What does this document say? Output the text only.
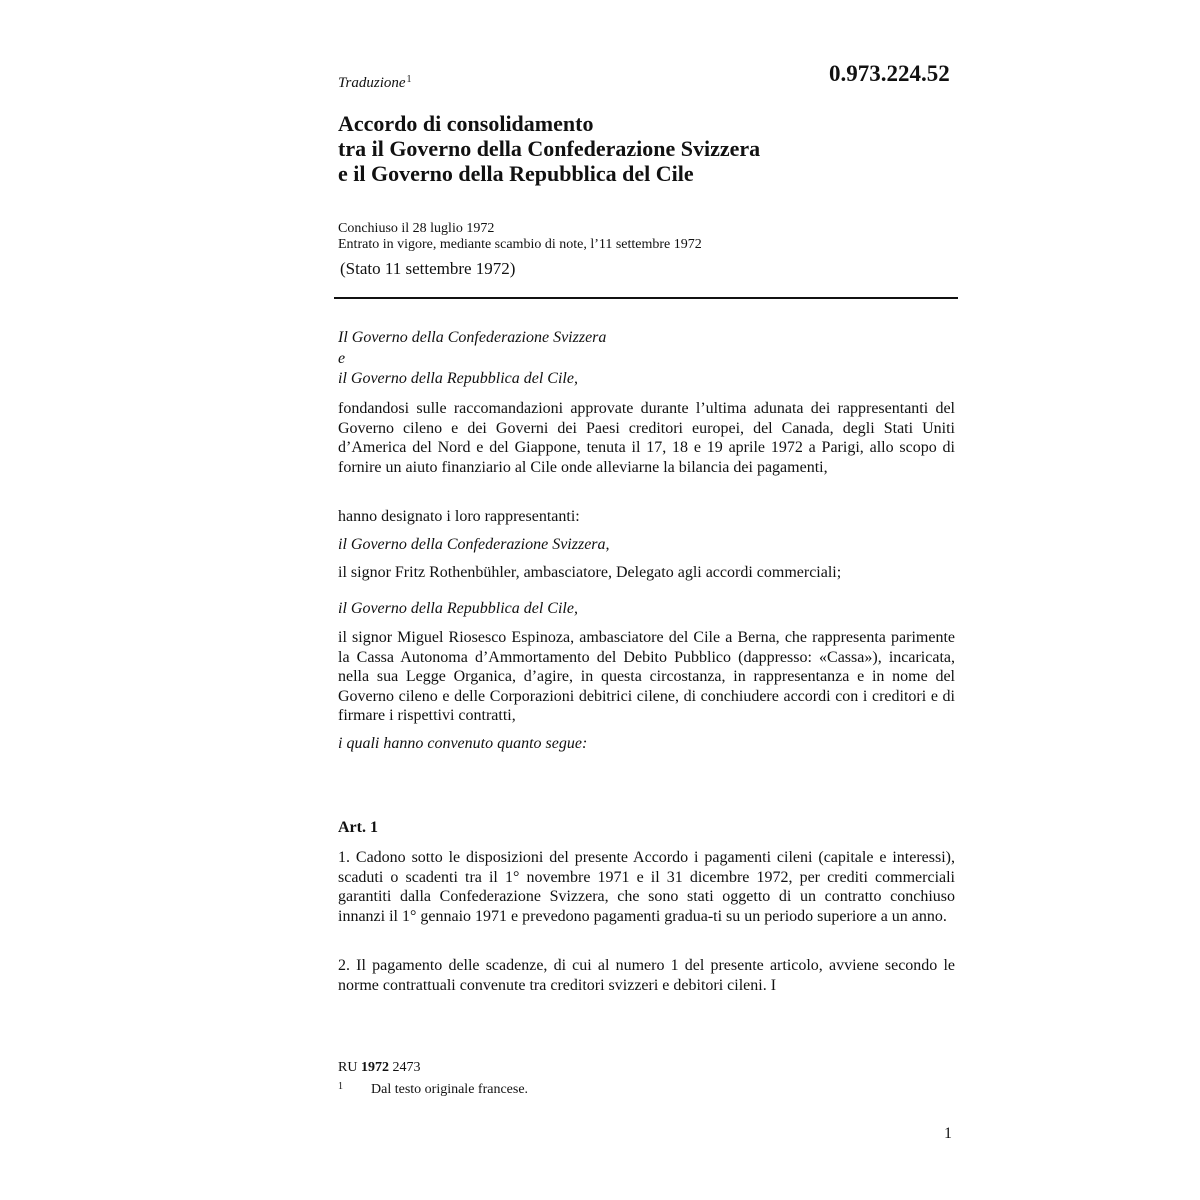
Traduzione$^1$	0.973.224.52

Accordo di consolidamento
tra il Governo della Confederazione Svizzera
e il Governo della Repubblica del Cile

Conchiuso il 28 luglio 1972

Entrato in vigore, mediante scambio di note, l’11 settembre 1972

(Stato 11 settembre 1972)

Il Governo della Confederazione Svizzera

e

il Governo della Repubblica del Cile,

fondandosi sulle raccomandazioni approvate durante l’ultima adunata dei rappresentanti del Governo cileno e dei Governi dei Paesi creditori europei, del Canada, degli Stati Uniti d’America del Nord e del Giappone, tenuta il 17, 18 e 19 aprile 1972 a Parigi, allo scopo di fornire un aiuto finanziario al Cile onde alleviarne la bilancia dei pagamenti,

hanno designato i loro rappresentanti:

il Governo della Confederazione Svizzera,

il signor Fritz Rothenbühler, ambasciatore, Delegato agli accordi commerciali;

il Governo della Repubblica del Cile,

il signor Miguel Riosesco Espinoza, ambasciatore del Cile a Berna, che rappresenta parimente la Cassa Autonoma d’Ammortamento del Debito Pubblico (dappresso: «Cassa»), incaricata, nella sua Legge Organica, d’agire, in questa circostanza, in rappresentanza e in nome del Governo cileno e delle Corporazioni debitrici cilene, di conchiudere accordi con i creditori e di firmare i rispettivi contratti,

i quali hanno convenuto quanto segue:

Art. 1

1. Cadono sotto le disposizioni del presente Accordo i pagamenti cileni (capitale e interessi), scaduti o scadenti tra il 1° novembre 1971 e il 31 dicembre 1972, per crediti commerciali garantiti dalla Confederazione Svizzera, che sono stati oggetto di un contratto conchiuso innanzi il 1° gennaio 1971 e prevedono pagamenti gradua-ti su un periodo superiore a un anno.

2. Il pagamento delle scadenze, di cui al numero 1 del presente articolo, avviene secondo le norme contrattuali convenute tra creditori svizzeri e debitori cileni. I

RU 1972 2473

1 Dal testo originale francese.

1
